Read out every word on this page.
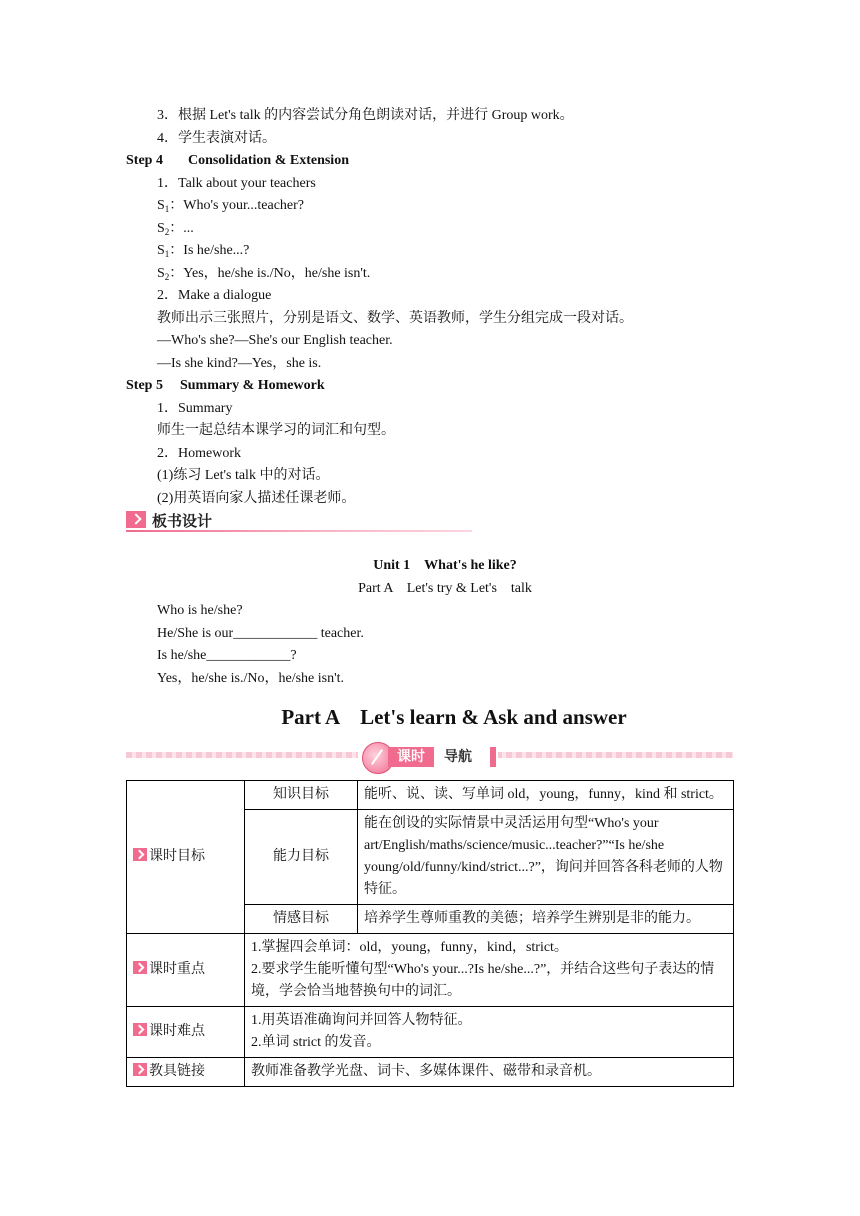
3．根据 Let's talk 的内容尝试分角色朗读对话，并进行 Group work。
4．学生表演对话。
Step 4 Consolidation & Extension
1．Talk about your teachers
$S_1$：Who's your...teacher?
$S_2$：...
$S_1$：Is he/she...?
$S_2$：Yes，he/she is./No，he/she isn't.
2．Make a dialogue
教师出示三张照片，分别是语文、数学、英语教师，学生分组完成一段对话。
—Who's she?—She's our English teacher.
—Is she kind?—Yes，she is.
Step 5 Summary & Homework
1．Summary
师生一起总结本课学习的词汇和句型。
2．Homework
(1)练习 Let's talk 中的对话。
(2)用英语向家人描述任课老师。
板书设计
Unit 1　What's he like?
Part A　Let's try & Let's　talk
Who is he/she?
He/She is our____________ teacher.
Is he/she____________?
Yes，he/she is./No，he/she isn't.
Part A　Let's learn & Ask and answer
课时	导航
课时目标	知识目标	能听、说、读、写单词 old，young，funny，kind 和 strict。
	能力目标	能在创设的实际情景中灵活运用句型“Who's your art/English/maths/science/music...teacher?”“Is he/she young/old/funny/kind/strict...?”，询问并回答各科老师的人物特征。
	情感目标	培养学生尊师重教的美德；培养学生辨别是非的能力。
课时重点	1.掌握四会单词：old，young，funny，kind，strict。
2.要求学生能听懂句型“Who's your...?Is he/she...?”，并结合这些句子表达的情境，学会恰当地替换句中的词汇。	

课时难点	1.用英语准确询问并回答人物特征。
2.单词 strict 的发音。	

教具链接	教师准备教学光盘、词卡、多媒体课件、磁带和录音机。	
